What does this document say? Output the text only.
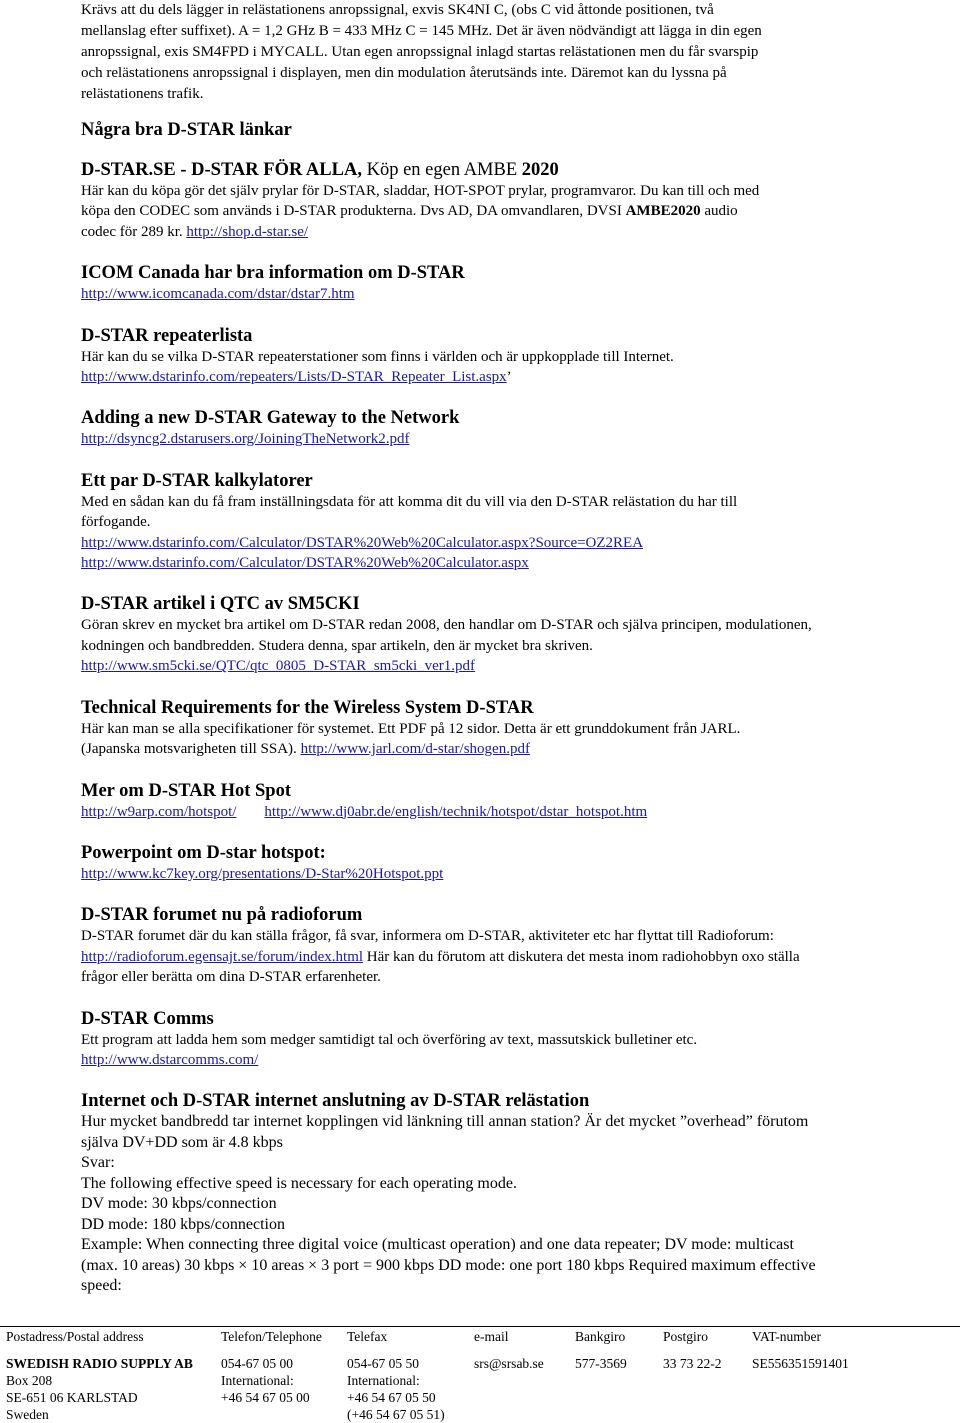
Krävs att du dels lägger in relästationens anropssignal, exvis SK4NI C, (obs C vid åttonde positionen, två

mellanslag efter suffixet). A = 1,2 GHz B = 433 MHz C = 145 MHz. Det är även nödvändigt att lägga in din egen

anropssignal, exis SM4FPD i MYCALL. Utan egen anropssignal inlagd startas relästationen men du får svarspip

och relästationens anropssignal i displayen, men din modulation återutsänds inte. Däremot kan du lyssna på

relästationens trafik.

Några bra D-STAR länkar
D-STAR.SE - D-STAR FÖR ALLA, Köp en egen AMBE 2020

Här kan du köpa gör det själv prylar för D-STAR, sladdar, HOT-SPOT prylar, programvaror. Du kan till och med

köpa den CODEC som används i D-STAR produkterna. Dvs AD, DA omvandlaren, DVSI AMBE2020 audio

codec för 289 kr. http://shop.d-star.se/

ICOM Canada har bra information om D-STAR

http://www.icomcanada.com/dstar/dstar7.htm

D-STAR repeaterlista

Här kan du se vilka D-STAR repeaterstationer som finns i världen och är uppkopplade till Internet.

http://www.dstarinfo.com/repeaters/Lists/D-STAR_Repeater_List.aspx’

Adding a new D-STAR Gateway to the Network

http://dsyncg2.dstarusers.org/JoiningTheNetwork2.pdf

Ett par D-STAR kalkylatorer

Med en sådan kan du få fram inställningsdata för att komma dit du vill via den D-STAR relästation du har till

förfogande.

http://www.dstarinfo.com/Calculator/DSTAR%20Web%20Calculator.aspx?Source=OZ2REA

http://www.dstarinfo.com/Calculator/DSTAR%20Web%20Calculator.aspx

D-STAR artikel i QTC av SM5CKI

Göran skrev en mycket bra artikel om D-STAR redan 2008, den handlar om D-STAR och själva principen, modulationen,

kodningen och bandbredden. Studera denna, spar artikeln, den är mycket bra skriven.

http://www.sm5cki.se/QTC/qtc_0805_D-STAR_sm5cki_ver1.pdf

Technical Requirements for the Wireless System D-STAR

Här kan man se alla specifikationer för systemet. Ett PDF på 12 sidor. Detta är ett grunddokument från JARL.

(Japanska motsvarigheten till SSA). http://www.jarl.com/d-star/shogen.pdf

Mer om D-STAR Hot Spot

http://w9arp.com/hotspot/ http://www.dj0abr.de/english/technik/hotspot/dstar_hotspot.htm

Powerpoint om D-star hotspot:

http://www.kc7key.org/presentations/D-Star%20Hotspot.ppt

D-STAR forumet nu på radioforum

D-STAR forumet där du kan ställa frågor, få svar, informera om D-STAR, aktiviteter etc har flyttat till Radioforum:

http://radioforum.egensajt.se/forum/index.html Här kan du förutom att diskutera det mesta inom radiohobbyn oxo ställa

frågor eller berätta om dina D-STAR erfarenheter.

D-STAR Comms

Ett program att ladda hem som medger samtidigt tal och överföring av text, massutskick bulletiner etc.

http://www.dstarcomms.com/

Internet och D-STAR internet anslutning av D-STAR relästation

Hur mycket bandbredd tar internet kopplingen vid länkning till annan station? Är det mycket ”overhead” förutom

själva DV+DD som är 4.8 kbps

Svar:

The following effective speed is necessary for each operating mode.

DV mode: 30 kbps/connection

DD mode: 180 kbps/connection

Example: When connecting three digital voice (multicast operation) and one data repeater; DV mode: multicast

(max. 10 areas) 30 kbps × 10 areas × 3 port = 900 kbps DD mode: one port 180 kbps Required maximum effective

speed:

Postadress/Postal address
SWEDISH RADIO SUPPLY AB
Box 208
SE-651 06 KARLSTAD
Sweden
Telefon/Telephone
054-67 05 00
International:
+46 54 67 05 00
Telefax
054-67 05 50
International:
+46 54 67 05 50
(+46 54 67 05 51)
e-mail
srs@srsab.se
Bankgiro
577-3569
Postgiro
33 73 22-2
VAT-number
SE556351591401
